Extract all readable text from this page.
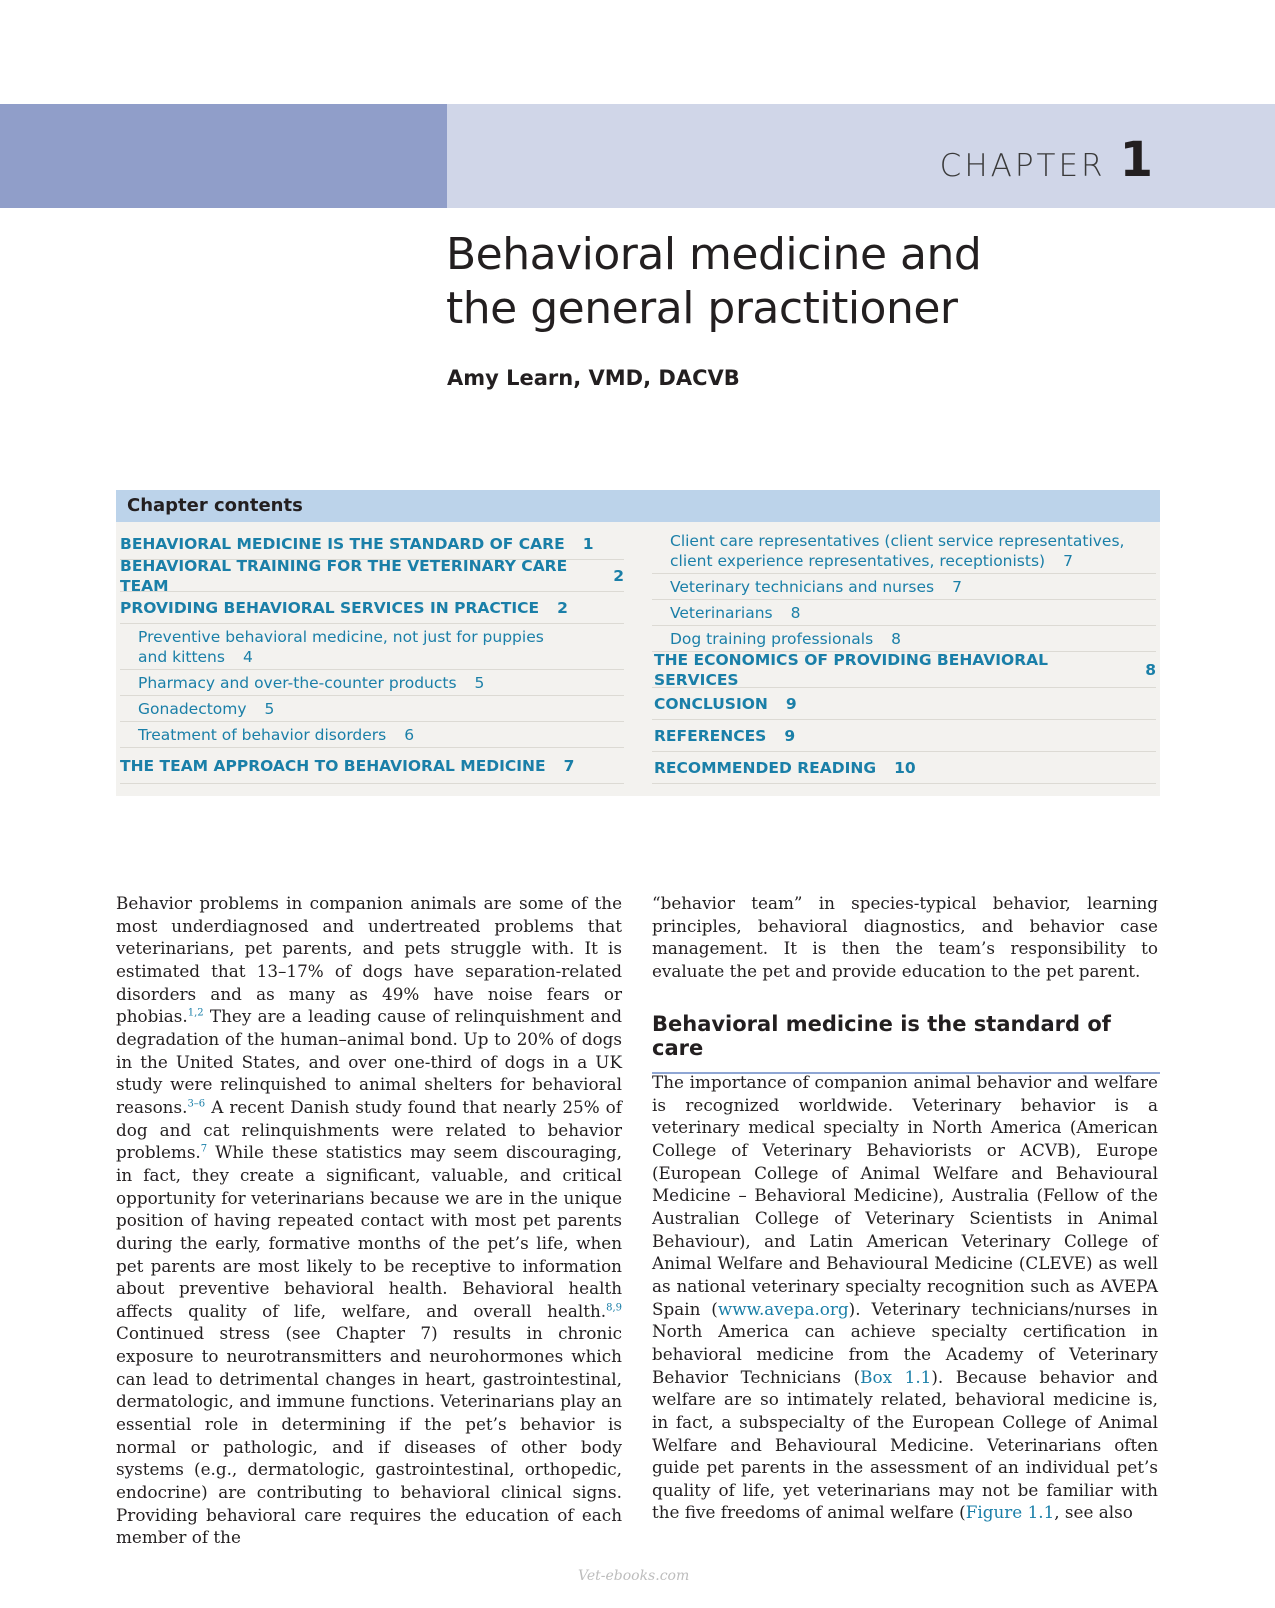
CHAPTER 1
Behavioral medicine and
the general practitioner

Amy Learn, VMD, DACVB

Chapter contents
BEHAVIORAL MEDICINE IS THE STANDARD OF CARE 1
BEHAVIORAL TRAINING FOR THE VETERINARY CARE TEAM
2
PROVIDING BEHAVIORAL SERVICES IN PRACTICE 2
Preventive behavioral medicine, not just for puppies
and kittens 4
Pharmacy and over-the-counter products 5
Gonadectomy 5
Treatment of behavior disorders 6
THE TEAM APPROACH TO BEHAVIORAL MEDICINE 7
Client care representatives (client service representatives,
client experience representatives, receptionists) 7
Veterinary technicians and nurses 7
Veterinarians 8
Dog training professionals 8
THE ECONOMICS OF PROVIDING BEHAVIORAL SERVICES
8
CONCLUSION 9
REFERENCES 9
RECOMMENDED READING 10

Behavior problems in companion animals are some of the most underdiagnosed and undertreated problems that veterinarians, pet parents, and pets struggle with. It is estimated that 13–17% of dogs have separation-related disorders and as many as 49% have noise fears or phobias.$^{1,2}$ They are a leading cause of relinquishment and degradation of the human–animal bond. Up to 20% of dogs in the United States, and over one-third of dogs in a UK study were relinquished to animal shelters for behavioral reasons.$^{3-6}$ A recent Danish study found that nearly 25% of dog and cat relinquishments were related to behavior problems.$^7$ While these statistics may seem discouraging, in fact, they create a significant, valuable, and critical opportunity for veterinarians because we are in the unique position of having repeated contact with most pet parents during the early, formative months of the pet’s life, when pet parents are most likely to be receptive to information about preventive behavioral health. Behavioral health affects quality of life, welfare, and overall health.$^{8,9}$ Continued stress (see Chapter 7) results in chronic exposure to neurotransmitters and neurohormones which can lead to detrimental changes in heart, gastrointestinal, dermatologic, and immune functions. Veterinarians play an essential role in determining if the pet’s behavior is normal or pathologic, and if diseases of other body systems (e.g., dermatologic, gastrointestinal, orthopedic, endocrine) are contributing to behavioral clinical signs. Providing behavioral care requires the education of each member of the

“behavior team” in species-typical behavior, learning principles, behavioral diagnostics, and behavior case management. It is then the team’s responsibility to evaluate the pet and provide education to the pet parent.

Behavioral medicine is the standard of care

The importance of companion animal behavior and welfare is recognized worldwide. Veterinary behavior is a veterinary medical specialty in North America (American College of Veterinary Behaviorists or ACVB), Europe (European College of Animal Welfare and Behavioural Medicine – Behavioral Medicine), Australia (Fellow of the Australian College of Veterinary Scientists in Animal Behaviour), and Latin American Veterinary College of Animal Welfare and Behavioural Medicine (CLEVE) as well as national veterinary specialty recognition such as AVEPA Spain (www.avepa.org). Veterinary technicians/nurses in North America can achieve specialty certification in behavioral medicine from the Academy of Veterinary Behavior Technicians (Box 1.1). Because behavior and welfare are so intimately related, behavioral medicine is, in fact, a subspecialty of the European College of Animal Welfare and Behavioural Medicine. Veterinarians often guide pet parents in the assessment of an individual pet’s quality of life, yet veterinarians may not be familiar with the five freedoms of animal welfare (Figure 1.1, see also

Vet-ebooks.com
